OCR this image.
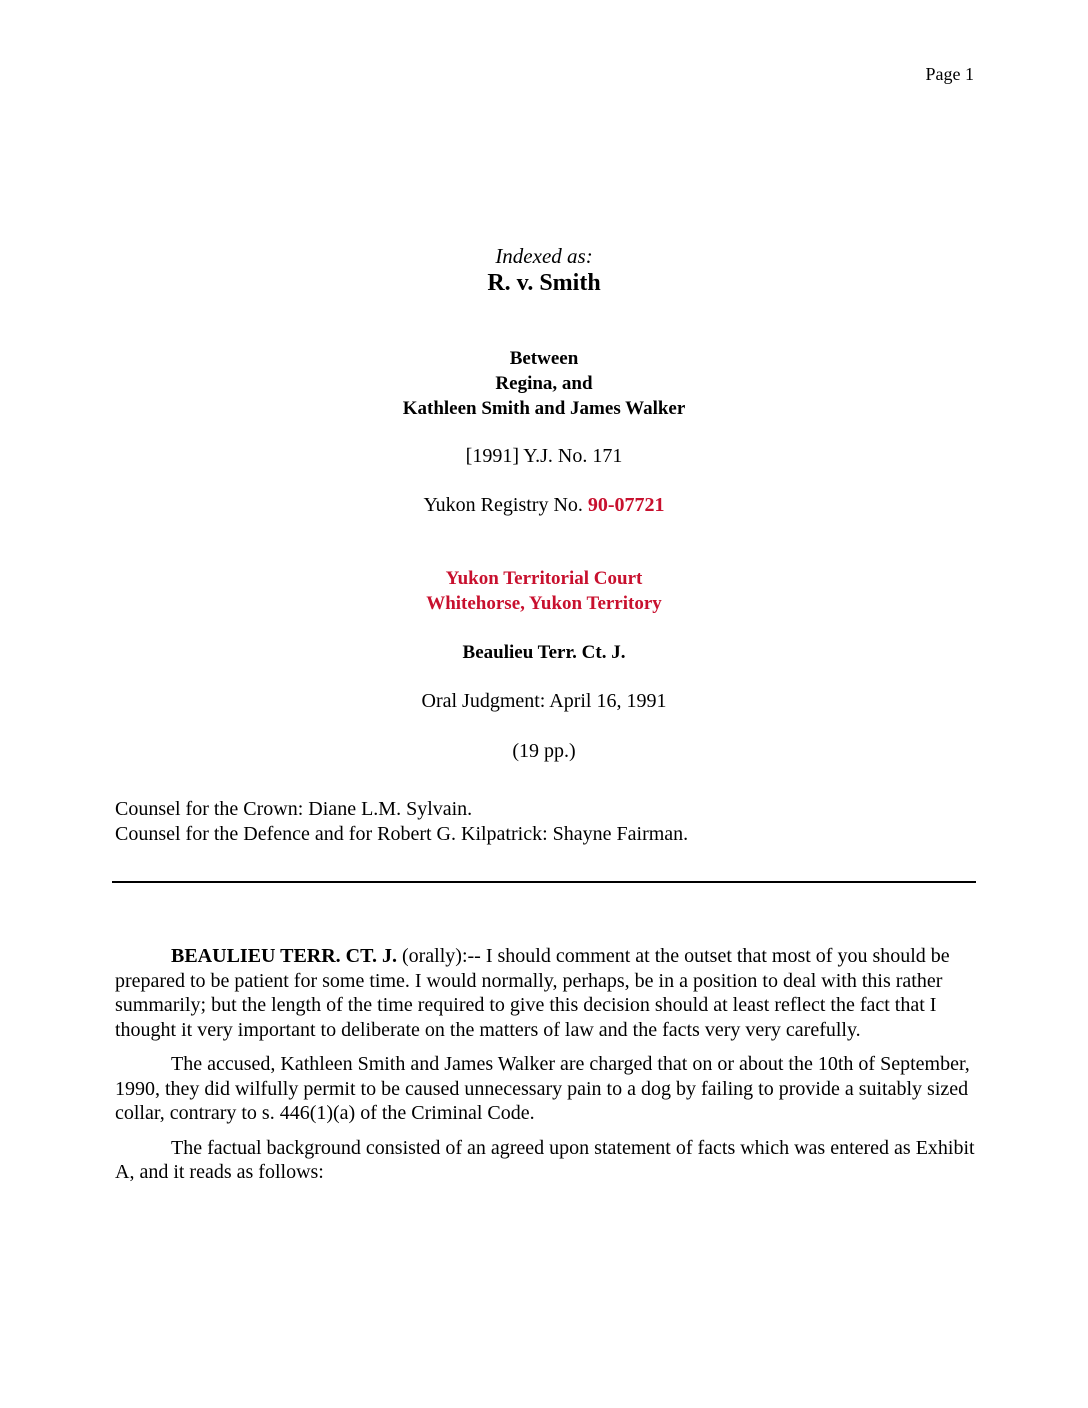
Page 1
Indexed as:
R. v. Smith
Between
Regina, and
Kathleen Smith and James Walker
[1991] Y.J. No. 171
Yukon Registry No. 90-07721
Yukon Territorial Court
Whitehorse, Yukon Territory
Beaulieu Terr. Ct. J.
Oral Judgment: April 16, 1991
(19 pp.)
Counsel for the Crown: Diane L.M. Sylvain.
Counsel for the Defence and for Robert G. Kilpatrick: Shayne Fairman.

BEAULIEU TERR. CT. J. (orally):-- I should comment at the outset that most of you should be prepared to be patient for some time. I would normally, perhaps, be in a position to deal with this rather summarily; but the length of the time required to give this decision should at least reflect the fact that I thought it very important to deliberate on the matters of law and the facts very very carefully.

The accused, Kathleen Smith and James Walker are charged that on or about the 10th of September, 1990, they did wilfully permit to be caused unnecessary pain to a dog by failing to provide a suitably sized collar, contrary to s. 446(1)(a) of the Criminal Code.

The factual background consisted of an agreed upon statement of facts which was entered as Exhibit A, and it reads as follows:
